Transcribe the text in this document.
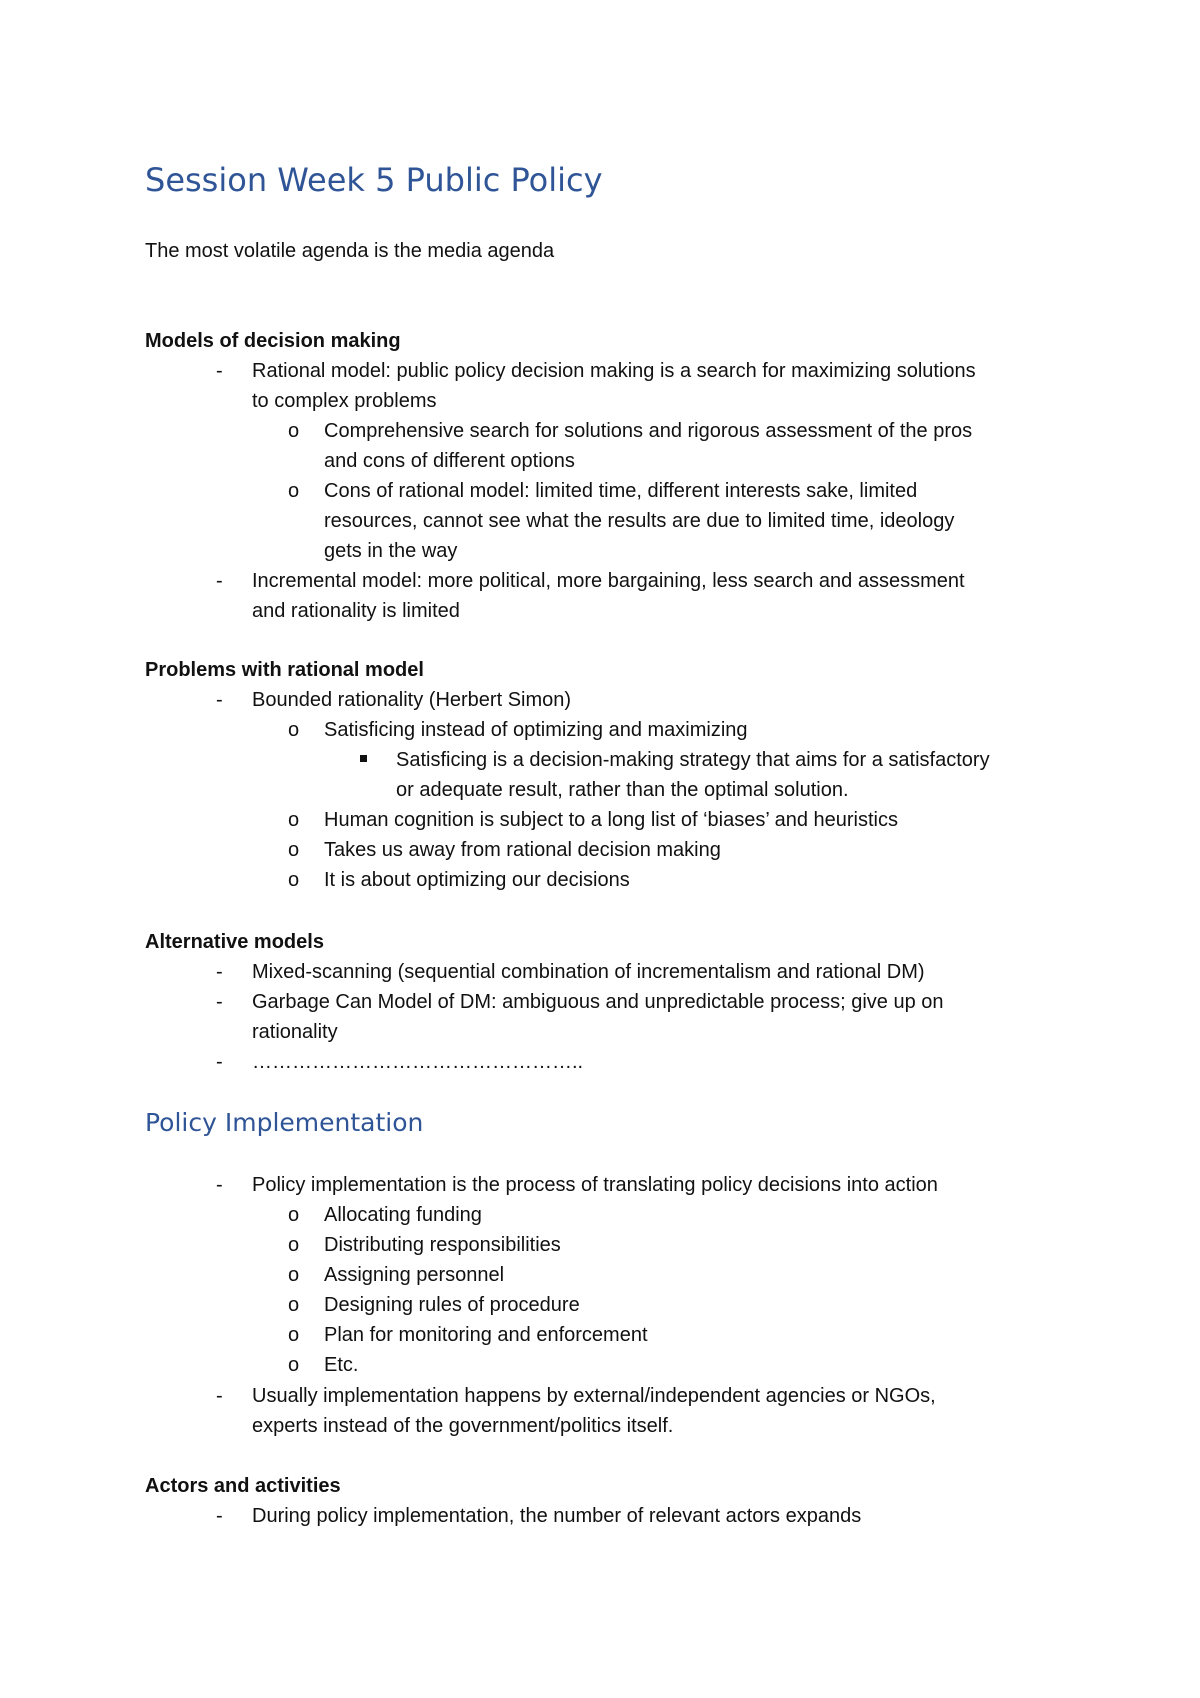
Session Week 5 Public Policy
The most volatile agenda is the media agenda
Models of decision making
-	Rational model: public policy decision making is a search for maximizing solutions
to complex problems
o Comprehensive search for solutions and rigorous assessment of the pros
and cons of different options
o Cons of rational model: limited time, different interests sake, limited
resources, cannot see what the results are due to limited time, ideology
gets in the way
-	Incremental model: more political, more bargaining, less search and assessment
and rationality is limited
Problems with rational model
-	Bounded rationality (Herbert Simon)
o Satisficing instead of optimizing and maximizing
Satisficing is a decision-making strategy that aims for a satisfactory
or adequate result, rather than the optimal solution.
o Human cognition is subject to a long list of ‘biases’ and heuristics
o Takes us away from rational decision making
o It is about optimizing our decisions
Alternative models
-	Mixed-scanning (sequential combination of incrementalism and rational DM)
-	Garbage Can Model of DM: ambiguous and unpredictable process; give up on
rationality
-	…………………………………………..
Policy Implementation
-	Policy implementation is the process of translating policy decisions into action
o Allocating funding
o Distributing responsibilities
o Assigning personnel
o Designing rules of procedure
o Plan for monitoring and enforcement
o Etc.
-	Usually implementation happens by external/independent agencies or NGOs,
experts instead of the government/politics itself.
Actors and activities
-	During policy implementation, the number of relevant actors expands
